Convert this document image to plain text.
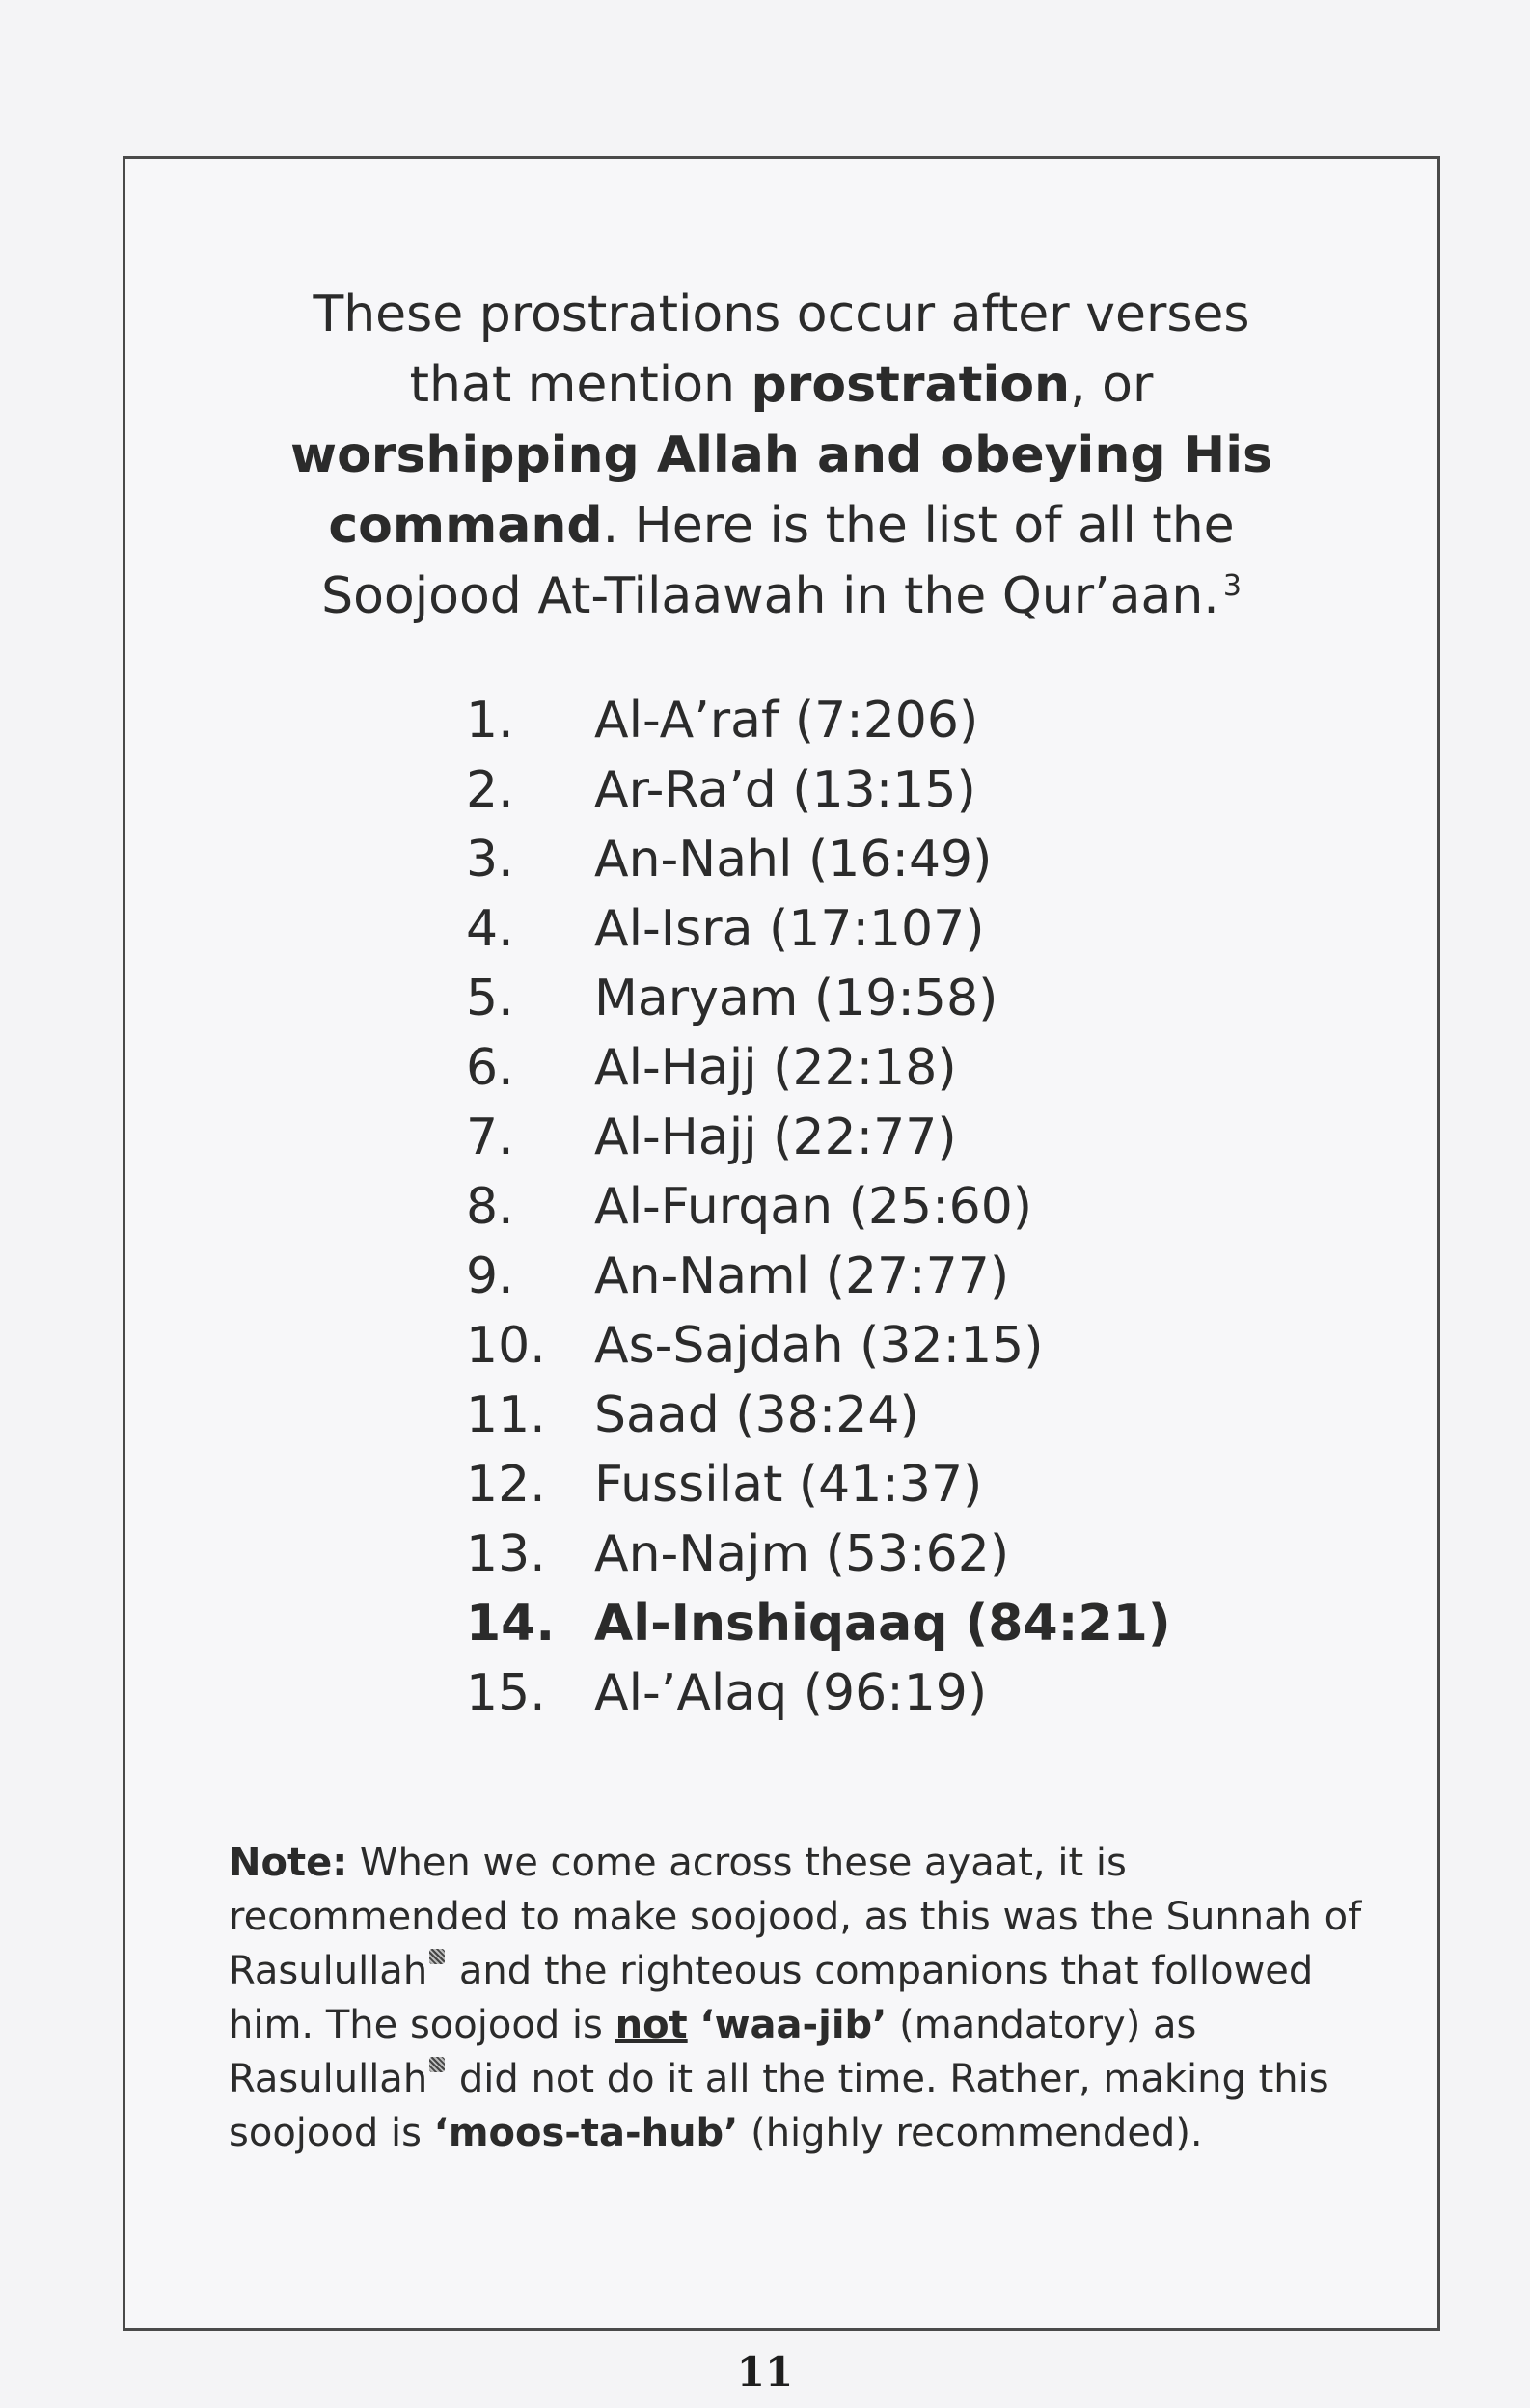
These prostrations occur after verses that mention prostration, or worshipping Allah and obeying His command. Here is the list of all the Soojood At-Tilaawah in the Qur’aan. $^3$

1. Al-A’raf (7:206)
2. Ar-Ra’d (13:15)
3. An-Nahl (16:49)
4. Al-Isra (17:107)
5. Maryam (19:58)
6. Al-Hajj (22:18)
7. Al-Hajj (22:77)
8. Al-Furqan (25:60)
9. An-Naml (27:77)
10. As-Sajdah (32:15)
11. Saad (38:24)
12. Fussilat (41:37)
13. An-Najm (53:62)
14. Al-Inshiqaaq (84:21)
15. Al-’Alaq (96:19)

Note: When we come across these ayaat, it is recommended to make soojood, as this was the Sunnah of Rasulullah and the righteous companions that followed him. The soojood is not ‘waa-jib’ (mandatory) as Rasulullah did not do it all the time. Rather, making this soojood is ‘moos-ta-hub’ (highly recommended).

11
